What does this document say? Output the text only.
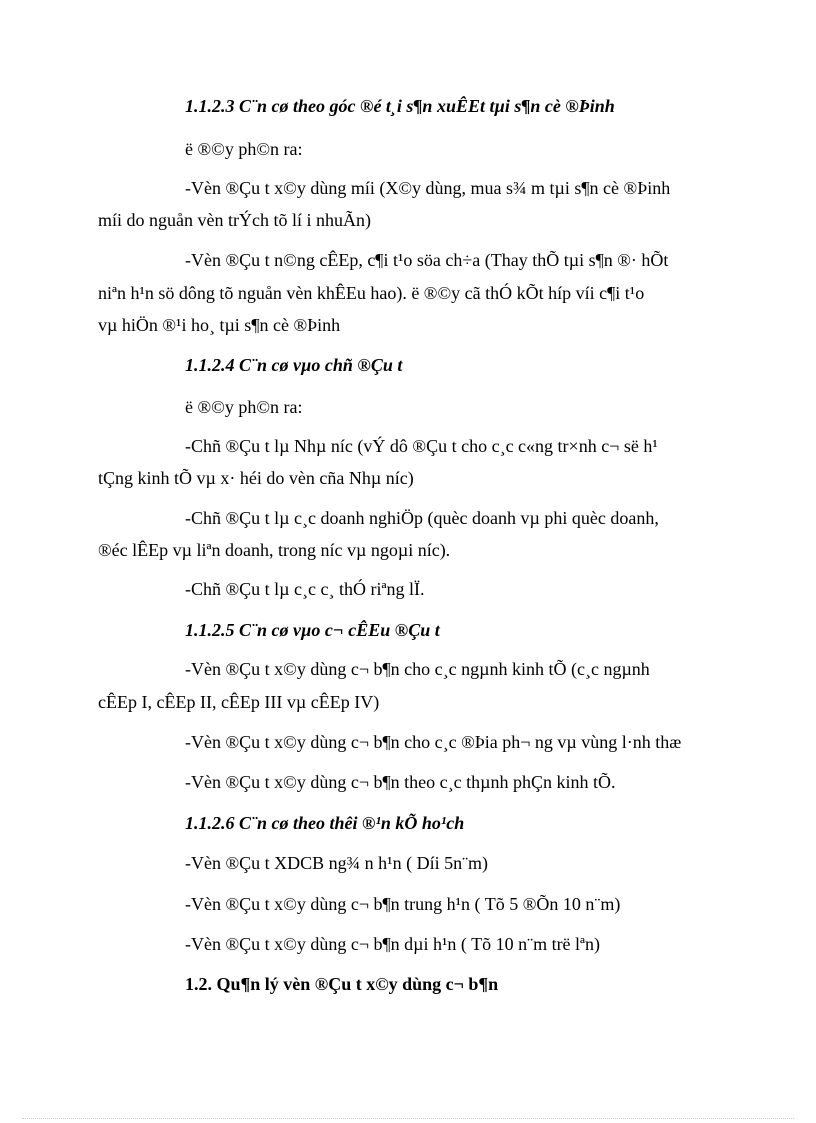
1.1.2.3 C¨n cø theo góc ®é t¸i s¶n xuÊEt tµi s¶n cè ®Þinh
ë ®©y ph©n ra:
-Vèn ®Çu t x©y dùng míi (X©y dùng, mua s¾ m tµi s¶n cè ®Þinh
míi do nguån vèn trÝch tõ lí i nhuÃn)
-Vèn ®Çu t n©ng cÊEp, c¶i t¹o söa ch÷a (Thay thÕ tµi s¶n ®· hÕt
niªn h¹n sö dông tõ nguån vèn khÊEu hao). ë ®©y cã thÓ kÕt híp víi c¶i t¹o
vµ hiÖn ®¹i ho¸ tµi s¶n cè ®Þinh
1.1.2.4 C¨n cø vµo chñ ®Çu t
ë ®©y ph©n ra:
-Chñ ®Çu t lµ Nhµ níc (vÝ dô ®Çu t cho c¸c c«ng tr×nh c¬ së h¹
tÇng kinh tÕ vµ x· héi do vèn cña Nhµ níc)
-Chñ ®Çu t lµ c¸c doanh nghiÖp (quèc doanh vµ phi quèc doanh,
®éc lÊEp vµ liªn doanh, trong níc vµ ngoµi níc).
-Chñ ®Çu t lµ c¸c c¸ thÓ riªng lÏ.
1.1.2.5 C¨n cø vµo c¬ cÊEu ®Çu t
-Vèn ®Çu t x©y dùng c¬ b¶n cho c¸c ngµnh kinh tÕ (c¸c ngµnh
cÊEp I, cÊEp II, cÊEp III vµ cÊEp IV)
-Vèn ®Çu t x©y dùng c¬ b¶n cho c¸c ®Þia ph¬ ng vµ vùng l·nh thæ
-Vèn ®Çu t x©y dùng c¬ b¶n theo c¸c thµnh phÇn kinh tÕ.
1.1.2.6 C¨n cø theo thêi ®¹n kÕ ho¹ch
-Vèn ®Çu t XDCB ng¾ n h¹n ( Díi 5n¨m)
-Vèn ®Çu t x©y dùng c¬ b¶n trung h¹n ( Tõ 5 ®Õn 10 n¨m)
-Vèn ®Çu t x©y dùng c¬ b¶n dµi h¹n ( Tõ 10 n¨m trë lªn)
1.2. Qu¶n lý vèn ®Çu t x©y dùng c¬ b¶n
